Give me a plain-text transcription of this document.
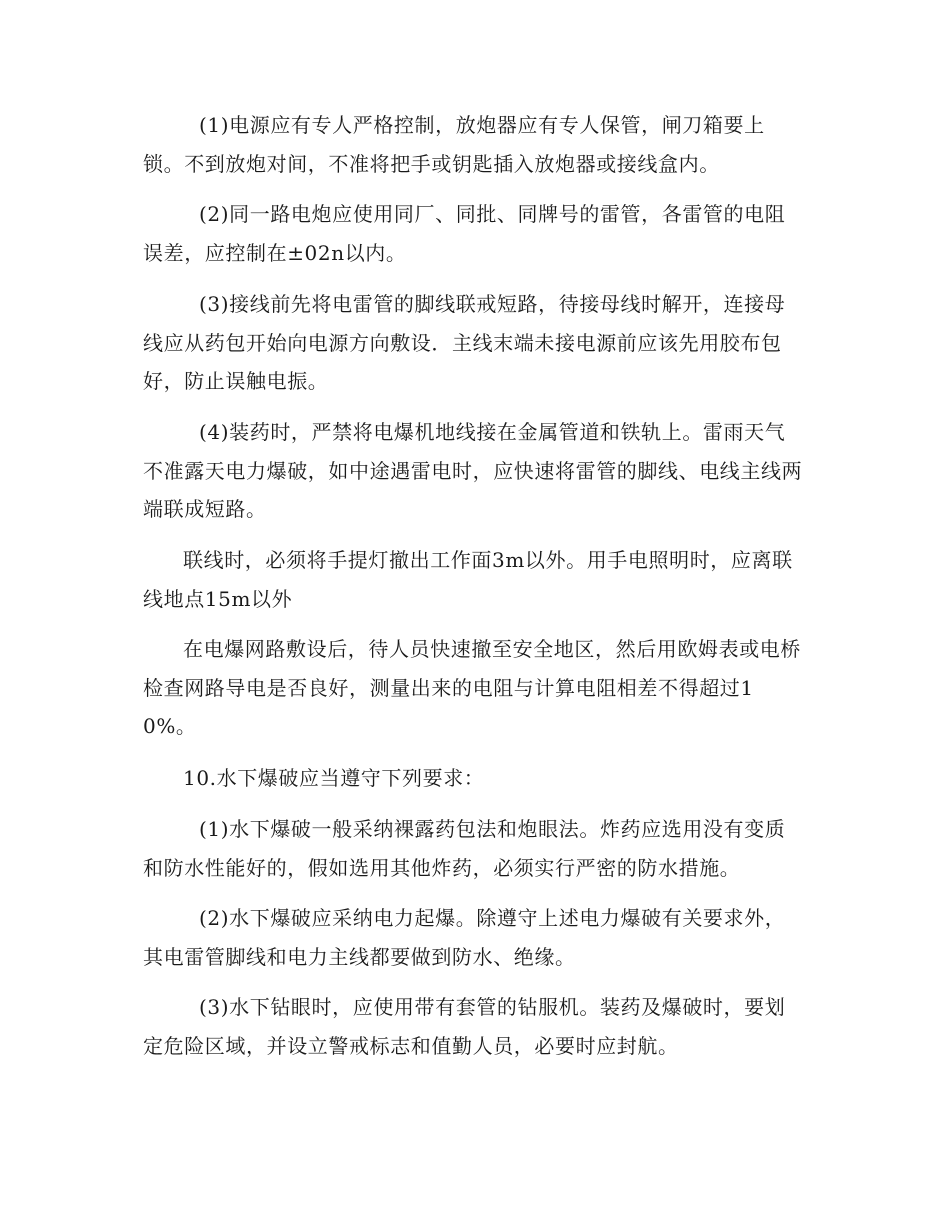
(1)电源应有专人严格控制，放炮器应有专人保管，闸刀箱要上锁。不到放炮对间，不准将把手或钥匙插入放炮器或接线盒内。

(2)同一路电炮应使用同厂、同批、同牌号的雷管，各雷管的电阻误差，应控制在±02n以内。

(3)接线前先将电雷管的脚线联戒短路，待接母线时解开，连接母线应从药包开始向电源方向敷设．主线末端未接电源前应该先用胶布包好，防止误触电振。

(4)装药时，严禁将电爆机地线接在金属管道和铁轨上。雷雨天气不准露天电力爆破，如中途遇雷电时，应快速将雷管的脚线、电线主线两端联成短路。

联线时，必须将手提灯撤出工作面3m以外。用手电照明时，应离联线地点15m以外

在电爆网路敷设后，待人员快速撤至安全地区，然后用欧姆表或电桥检查网路导电是否良好，测量出来的电阻与计算电阻相差不得超过10%。

10.水下爆破应当遵守下列要求：

(1)水下爆破一般采纳裸露药包法和炮眼法。炸药应选用没有变质和防水性能好的，假如选用其他炸药，必须实行严密的防水措施。

(2)水下爆破应采纳电力起爆。除遵守上述电力爆破有关要求外，其电雷管脚线和电力主线都要做到防水、绝缘。

(3)水下钻眼时，应使用带有套管的钻服机。装药及爆破时，要划定危险区域，并设立警戒标志和值勤人员，必要时应封航。
